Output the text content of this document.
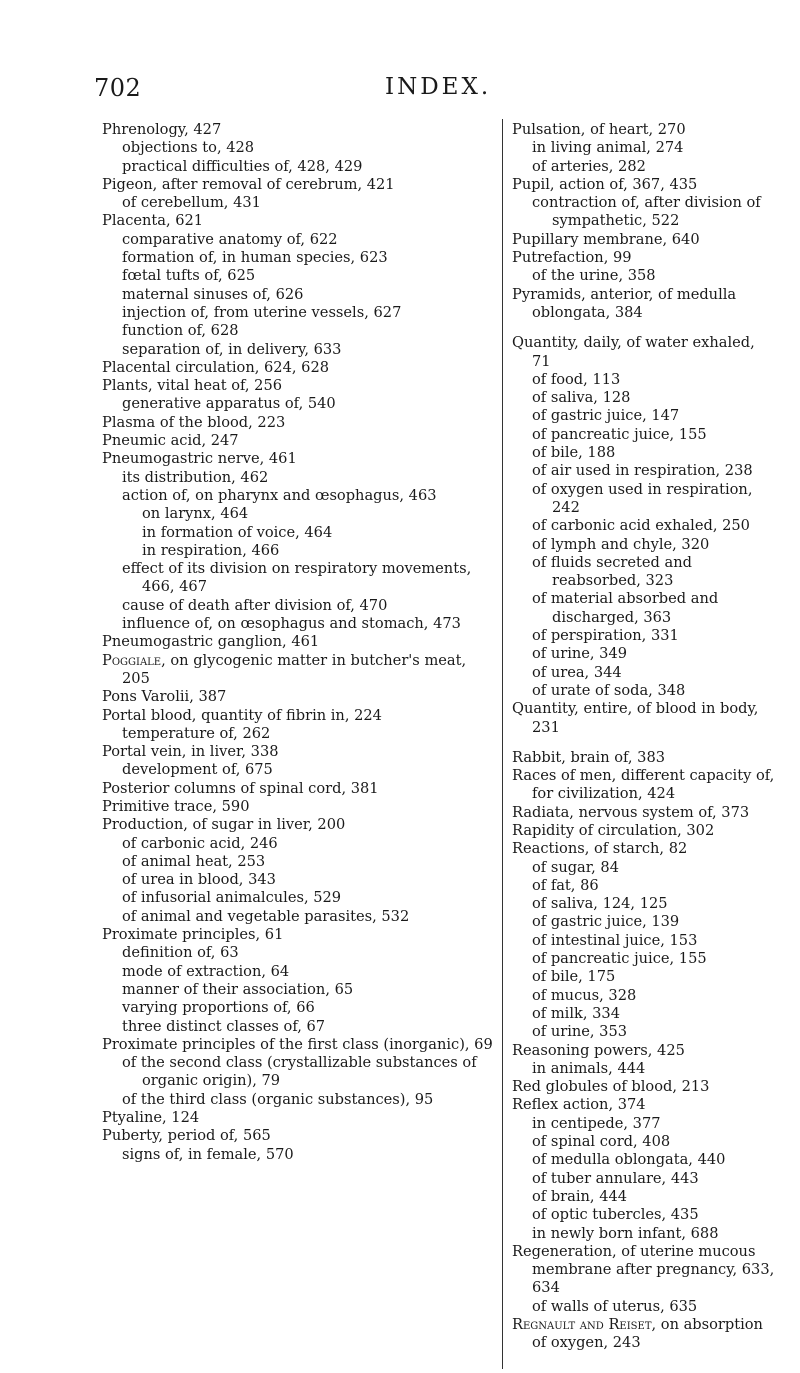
702	INDEX.
Phrenology, 427
objections to, 428
practical difficulties of, 428, 429
Pigeon, after removal of cerebrum, 421
of cerebellum, 431
Placenta, 621
comparative anatomy of, 622
formation of, in human species, 623
fœtal tufts of, 625
maternal sinuses of, 626
injection of, from uterine vessels, 627
function of, 628
separation of, in delivery, 633
Placental circulation, 624, 628
Plants, vital heat of, 256
generative apparatus of, 540
Plasma of the blood, 223
Pneumic acid, 247
Pneumogastric nerve, 461
its distribution, 462
action of, on pharynx and œsophagus, 463
on larynx, 464
in formation of voice, 464
in respiration, 466
effect of its division on respiratory movements, 466, 467
cause of death after division of, 470
influence of, on œsophagus and stomach, 473
Pneumogastric ganglion, 461
Poggiale, on glycogenic matter in butcher's meat, 205
Pons Varolii, 387
Portal blood, quantity of fibrin in, 224
temperature of, 262
Portal vein, in liver, 338
development of, 675
Posterior columns of spinal cord, 381
Primitive trace, 590
Production, of sugar in liver, 200
of carbonic acid, 246
of animal heat, 253
of urea in blood, 343
of infusorial animalcules, 529
of animal and vegetable parasites, 532
Proximate principles, 61
definition of, 63
mode of extraction, 64
manner of their association, 65
varying proportions of, 66
three distinct classes of, 67
Proximate principles of the first class (inorganic), 69
of the second class (crystallizable substances of organic origin), 79
of the third class (organic substances), 95
Ptyaline, 124
Puberty, period of, 565
signs of, in female, 570
Pulsation, of heart, 270
in living animal, 274
of arteries, 282
Pupil, action of, 367, 435
contraction of, after division of sympathetic, 522
Pupillary membrane, 640
Putrefaction, 99
of the urine, 358
Pyramids, anterior, of medulla oblongata, 384
Quantity, daily, of water exhaled, 71
of food, 113
of saliva, 128
of gastric juice, 147
of pancreatic juice, 155
of bile, 188
of air used in respiration, 238
of oxygen used in respiration, 242
of carbonic acid exhaled, 250
of lymph and chyle, 320
of fluids secreted and reabsorbed, 323
of material absorbed and discharged, 363
of perspiration, 331
of urine, 349
of urea, 344
of urate of soda, 348
Quantity, entire, of blood in body, 231
Rabbit, brain of, 383
Races of men, different capacity of, for civilization, 424
Radiata, nervous system of, 373
Rapidity of circulation, 302
Reactions, of starch, 82
of sugar, 84
of fat, 86
of saliva, 124, 125
of gastric juice, 139
of intestinal juice, 153
of pancreatic juice, 155
of bile, 175
of mucus, 328
of milk, 334
of urine, 353
Reasoning powers, 425
in animals, 444
Red globules of blood, 213
Reflex action, 374
in centipede, 377
of spinal cord, 408
of medulla oblongata, 440
of tuber annulare, 443
of brain, 444
of optic tubercles, 435
in newly born infant, 688
Regeneration, of uterine mucous membrane after pregnancy, 633, 634
of walls of uterus, 635
Regnault and Reiset, on absorption of oxygen, 243
